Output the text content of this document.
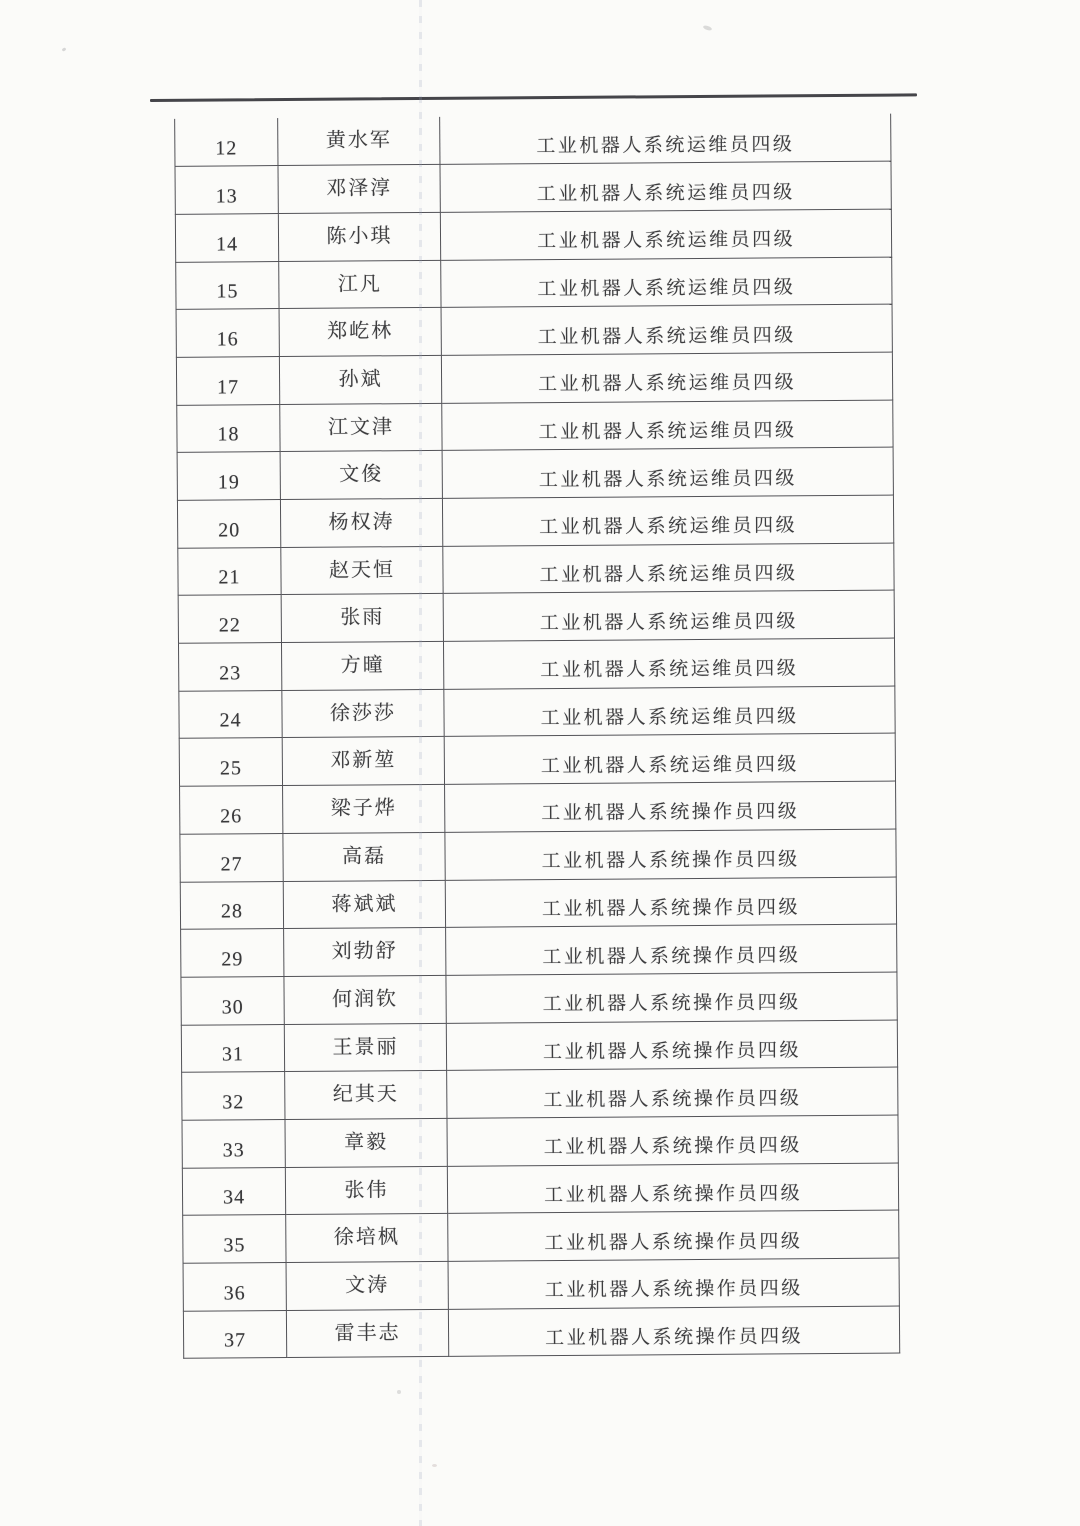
12	黄水军	工业机器人系统运维员四级
13	邓泽淳	工业机器人系统运维员四级
14	陈小琪	工业机器人系统运维员四级
15	江凡	工业机器人系统运维员四级
16	郑屹林	工业机器人系统运维员四级
17	孙斌	工业机器人系统运维员四级
18	江文津	工业机器人系统运维员四级
19	文俊	工业机器人系统运维员四级
20	杨权涛	工业机器人系统运维员四级
21	赵天恒	工业机器人系统运维员四级
22	张雨	工业机器人系统运维员四级
23	方曈	工业机器人系统运维员四级
24	徐莎莎	工业机器人系统运维员四级
25	邓新堃	工业机器人系统运维员四级
26	梁子烨	工业机器人系统操作员四级
27	高磊	工业机器人系统操作员四级
28	蒋斌斌	工业机器人系统操作员四级
29	刘勃舒	工业机器人系统操作员四级
30	何润钦	工业机器人系统操作员四级
31	王景丽	工业机器人系统操作员四级
32	纪其天	工业机器人系统操作员四级
33	章毅	工业机器人系统操作员四级
34	张伟	工业机器人系统操作员四级
35	徐培枫	工业机器人系统操作员四级
36	文涛	工业机器人系统操作员四级
37	雷丰志	工业机器人系统操作员四级
